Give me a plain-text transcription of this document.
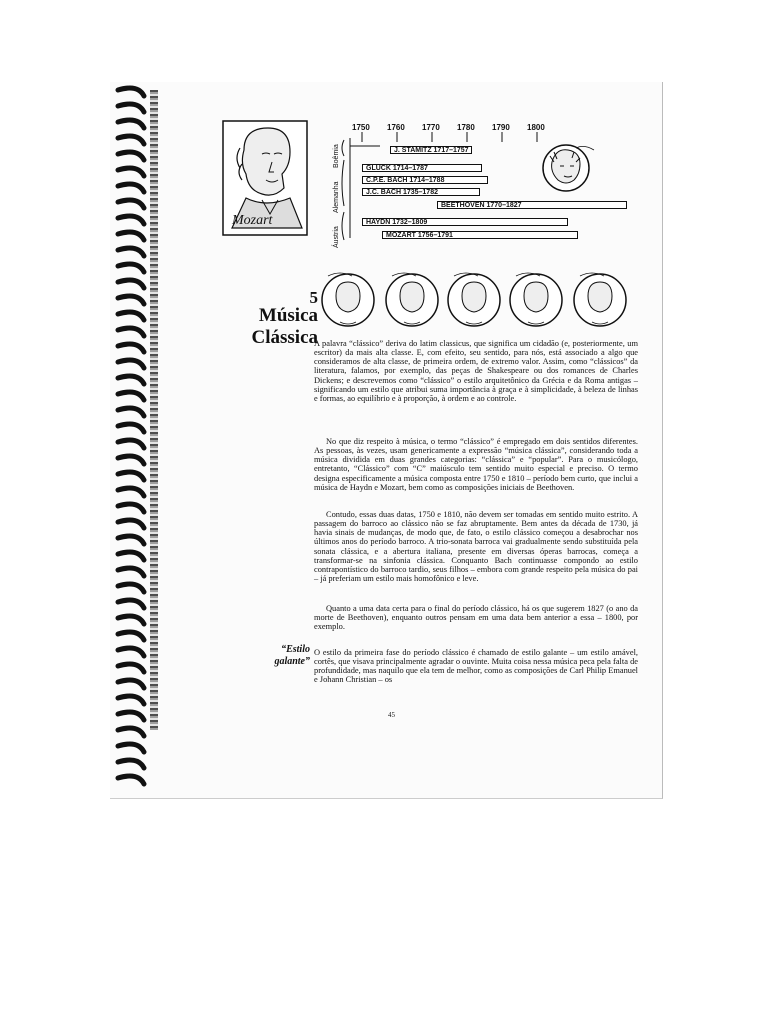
Mozart
1750 1760 1770 1780 1790 1800
Boêmia
Alemanha
Áustria
J. STAMITZ 1717–1757
GLUCK 1714–1787
C.P.E. BACH 1714–1788
J.C. BACH 1735–1782
BEETHOVEN 1770–1827
HAYDN 1732–1809
MOZART 1756–1791
5
Música
Clássica

A palavra “clássico” deriva do latim classicus, que significa um cidadão (e, posteriormente, um escritor) da mais alta classe. E, com efeito, seu sentido, para nós, está associado a algo que consideramos de alta classe, de primeira ordem, de extremo valor. Assim, como “clássicos” da literatura, falamos, por exemplo, das peças de Shakespeare ou dos romances de Charles Dickens; e descrevemos como “clássico” o estilo arquitetônico da Grécia e da Roma antigas – significando um estilo que atribui suma importância à graça e à simplicidade, à beleza de linhas e formas, ao equilíbrio e à proporção, à ordem e ao controle.

No que diz respeito à música, o termo “clássico” é empregado em dois sentidos diferentes. As pessoas, às vezes, usam genericamente a expressão “música clássica”, considerando toda a música dividida em duas grandes categorias: “clássica” e “popular”. Para o musicólogo, entretanto, “Clássico” com “C” maiúsculo tem sentido muito especial e preciso. O termo designa especificamente a música composta entre 1750 e 1810 – período bem curto, que inclui a música de Haydn e Mozart, bem como as composições iniciais de Beethoven.

Contudo, essas duas datas, 1750 e 1810, não devem ser tomadas em sentido muito estrito. A passagem do barroco ao clássico não se faz abruptamente. Bem antes da década de 1730, já havia sinais de mudanças, de modo que, de fato, o estilo clássico começou a desabrochar nos últimos anos do período barroco. A trio-sonata barroca vai gradualmente sendo substituída pela sonata clássica, e a abertura italiana, presente em diversas óperas barrocas, começa a transformar-se na sinfonia clássica. Conquanto Bach continuasse compondo ao estilo contrapontístico do barroco tardio, seus filhos – embora com grande respeito pela música do pai – já preferiam um estilo mais homofônico e leve.

Quanto a uma data certa para o final do período clássico, há os que sugerem 1827 (o ano da morte de Beethoven), enquanto outros pensam em uma data bem anterior a essa – 1800, por exemplo.

“Estilo
galante”

O estilo da primeira fase do período clássico é chamado de estilo galante – um estilo amável, cortês, que visava principalmente agradar o ouvinte. Muita coisa nessa música peca pela falta de profundidade, mas naquilo que ela tem de melhor, como as composições de Carl Philip Emanuel e Johann Christian – os

45
